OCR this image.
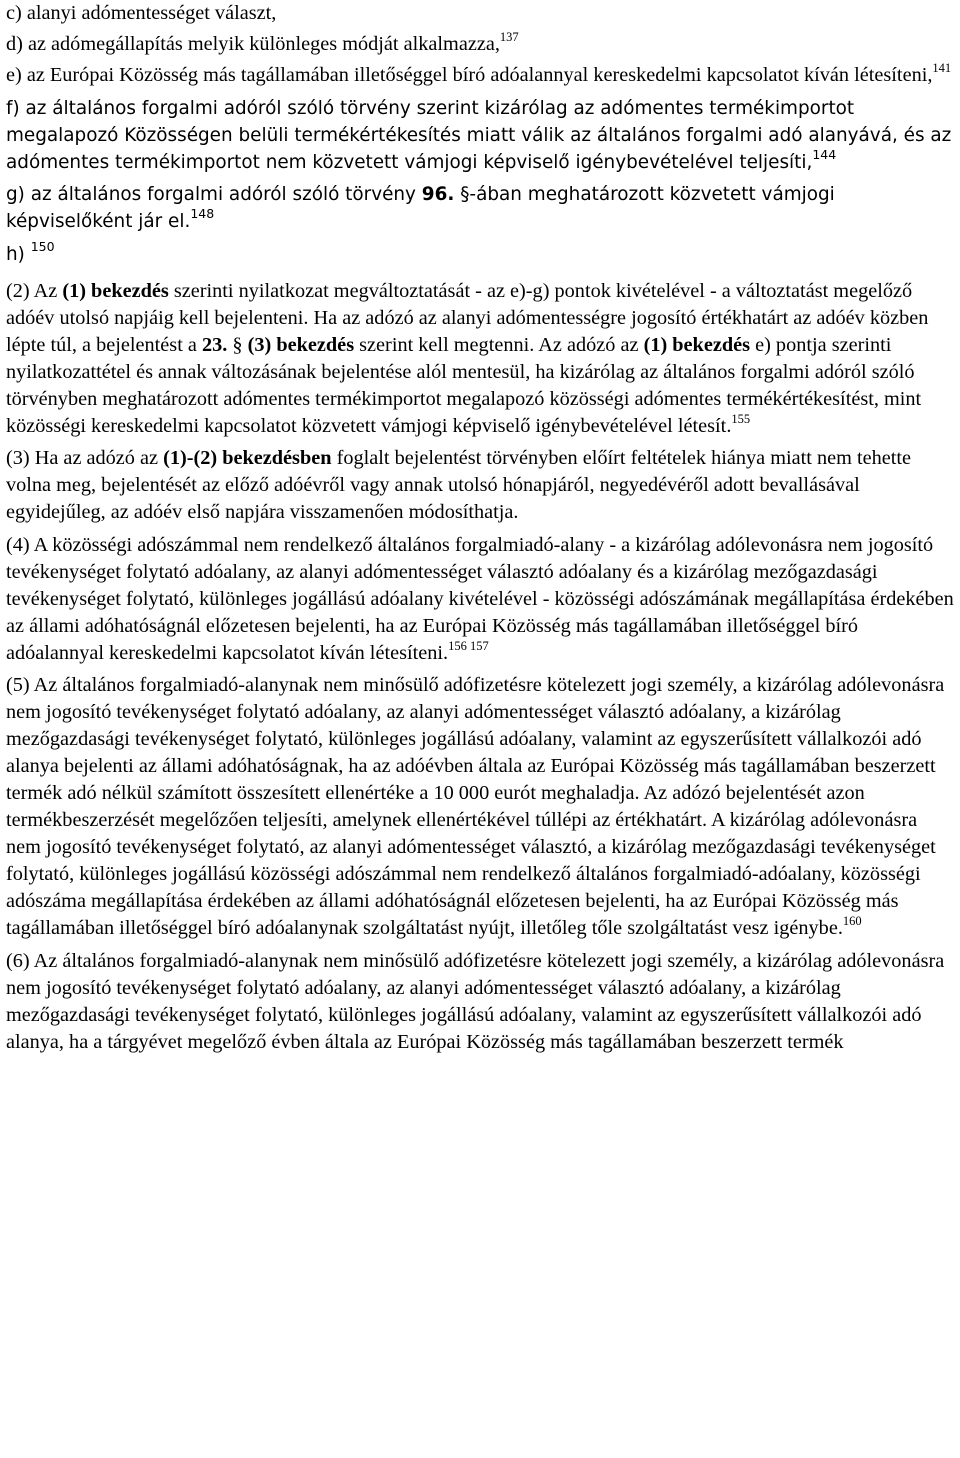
c) alanyi adómentességet választ,
d) az adómegállapítás melyik különleges módját alkalmazza,$^{137}$
e) az Európai Közösség más tagállamában illetőséggel bíró adóalannyal kereskedelmi kapcsolatot kíván létesíteni,$^{141}$
f) az általános forgalmi adóról szóló törvény szerint kizárólag az adómentes termékimportot megalapozó Közösségen belüli termékértékesítés miatt válik az általános forgalmi adó alanyává, és az adómentes termékimportot nem közvetett vámjogi képviselő igénybevételével teljesíti,$^{144}$
g) az általános forgalmi adóról szóló törvény 96. §-ában meghatározott közvetett vámjogi képviselőként jár el.$^{148}$
h) $^{150}$
(2) Az (1) bekezdés szerinti nyilatkozat megváltoztatását - az e)-g) pontok kivételével - a változtatást megelőző adóév utolsó napjáig kell bejelenteni. Ha az adózó az alanyi adómentességre jogosító értékhatárt az adóév közben lépte túl, a bejelentést a 23. § (3) bekezdés szerint kell megtenni. Az adózó az (1) bekezdés e) pontja szerinti nyilatkozattétel és annak változásának bejelentése alól mentesül, ha kizárólag az általános forgalmi adóról szóló törvényben meghatározott adómentes termékimportot megalapozó közösségi adómentes termékértékesítést, mint közösségi kereskedelmi kapcsolatot közvetett vámjogi képviselő igénybevételével létesít.$^{155}$
(3) Ha az adózó az (1)-(2) bekezdésben foglalt bejelentést törvényben előírt feltételek hiánya miatt nem tehette volna meg, bejelentését az előző adóévről vagy annak utolsó hónapjáról, negyedévéről adott bevallásával egyidejűleg, az adóév első napjára visszamenően módosíthatja.
(4) A közösségi adószámmal nem rendelkező általános forgalmiadó-alany - a kizárólag adólevonásra nem jogosító tevékenységet folytató adóalany, az alanyi adómentességet választó adóalany és a kizárólag mezőgazdasági tevékenységet folytató, különleges jogállású adóalany kivételével - közösségi adószámának megállapítása érdekében az állami adóhatóságnál előzetesen bejelenti, ha az Európai Közösség más tagállamában illetőséggel bíró adóalannyal kereskedelmi kapcsolatot kíván létesíteni.$^{156 157}$
(5) Az általános forgalmiadó-alanynak nem minősülő adófizetésre kötelezett jogi személy, a kizárólag adólevonásra nem jogosító tevékenységet folytató adóalany, az alanyi adómentességet választó adóalany, a kizárólag mezőgazdasági tevékenységet folytató, különleges jogállású adóalany, valamint az egyszerűsített vállalkozói adó alanya bejelenti az állami adóhatóságnak, ha az adóévben általa az Európai Közösség más tagállamában beszerzett termék adó nélkül számított összesített ellenértéke a 10 000 eurót meghaladja. Az adózó bejelentését azon termékbeszerzését megelőzően teljesíti, amelynek ellenértékével túllépi az értékhatárt. A kizárólag adólevonásra nem jogosító tevékenységet folytató, az alanyi adómentességet választó, a kizárólag mezőgazdasági tevékenységet folytató, különleges jogállású közösségi adószámmal nem rendelkező általános forgalmiadó-adóalany, közösségi adószáma megállapítása érdekében az állami adóhatóságnál előzetesen bejelenti, ha az Európai Közösség más tagállamában illetőséggel bíró adóalanynak szolgáltatást nyújt, illetőleg tőle szolgáltatást vesz igénybe.$^{160}$
(6) Az általános forgalmiadó-alanynak nem minősülő adófizetésre kötelezett jogi személy, a kizárólag adólevonásra nem jogosító tevékenységet folytató adóalany, az alanyi adómentességet választó adóalany, a kizárólag mezőgazdasági tevékenységet folytató, különleges jogállású adóalany, valamint az egyszerűsített vállalkozói adó alanya, ha a tárgyévet megelőző évben általa az Európai Közösség más tagállamában beszerzett termék
